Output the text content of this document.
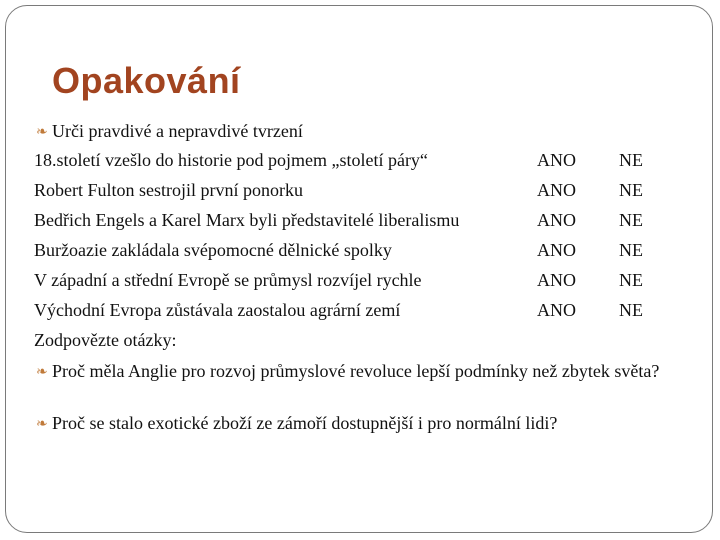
Opakování
❧ Urči pravdivé a nepravdivé tvrzení
18.století vzešlo do historie pod pojmem „století páry“	ANO NE
Robert Fulton sestrojil první ponorku	ANO NE
Bedřich Engels a Karel Marx byli představitelé liberalismu	ANO NE
Buržoazie zakládala svépomocné dělnické spolky	ANO NE
V západní a střední Evropě se průmysl rozvíjel rychle	ANO NE
Východní Evropa zůstávala zaostalou agrární zemí	ANO NE
Zodpovězte otázky:
❧ Proč měla Anglie pro rozvoj průmyslové revoluce lepší podmínky než zbytek světa?
❧ Proč se stalo exotické zboží ze zámoří dostupnější i pro normální lidi?
